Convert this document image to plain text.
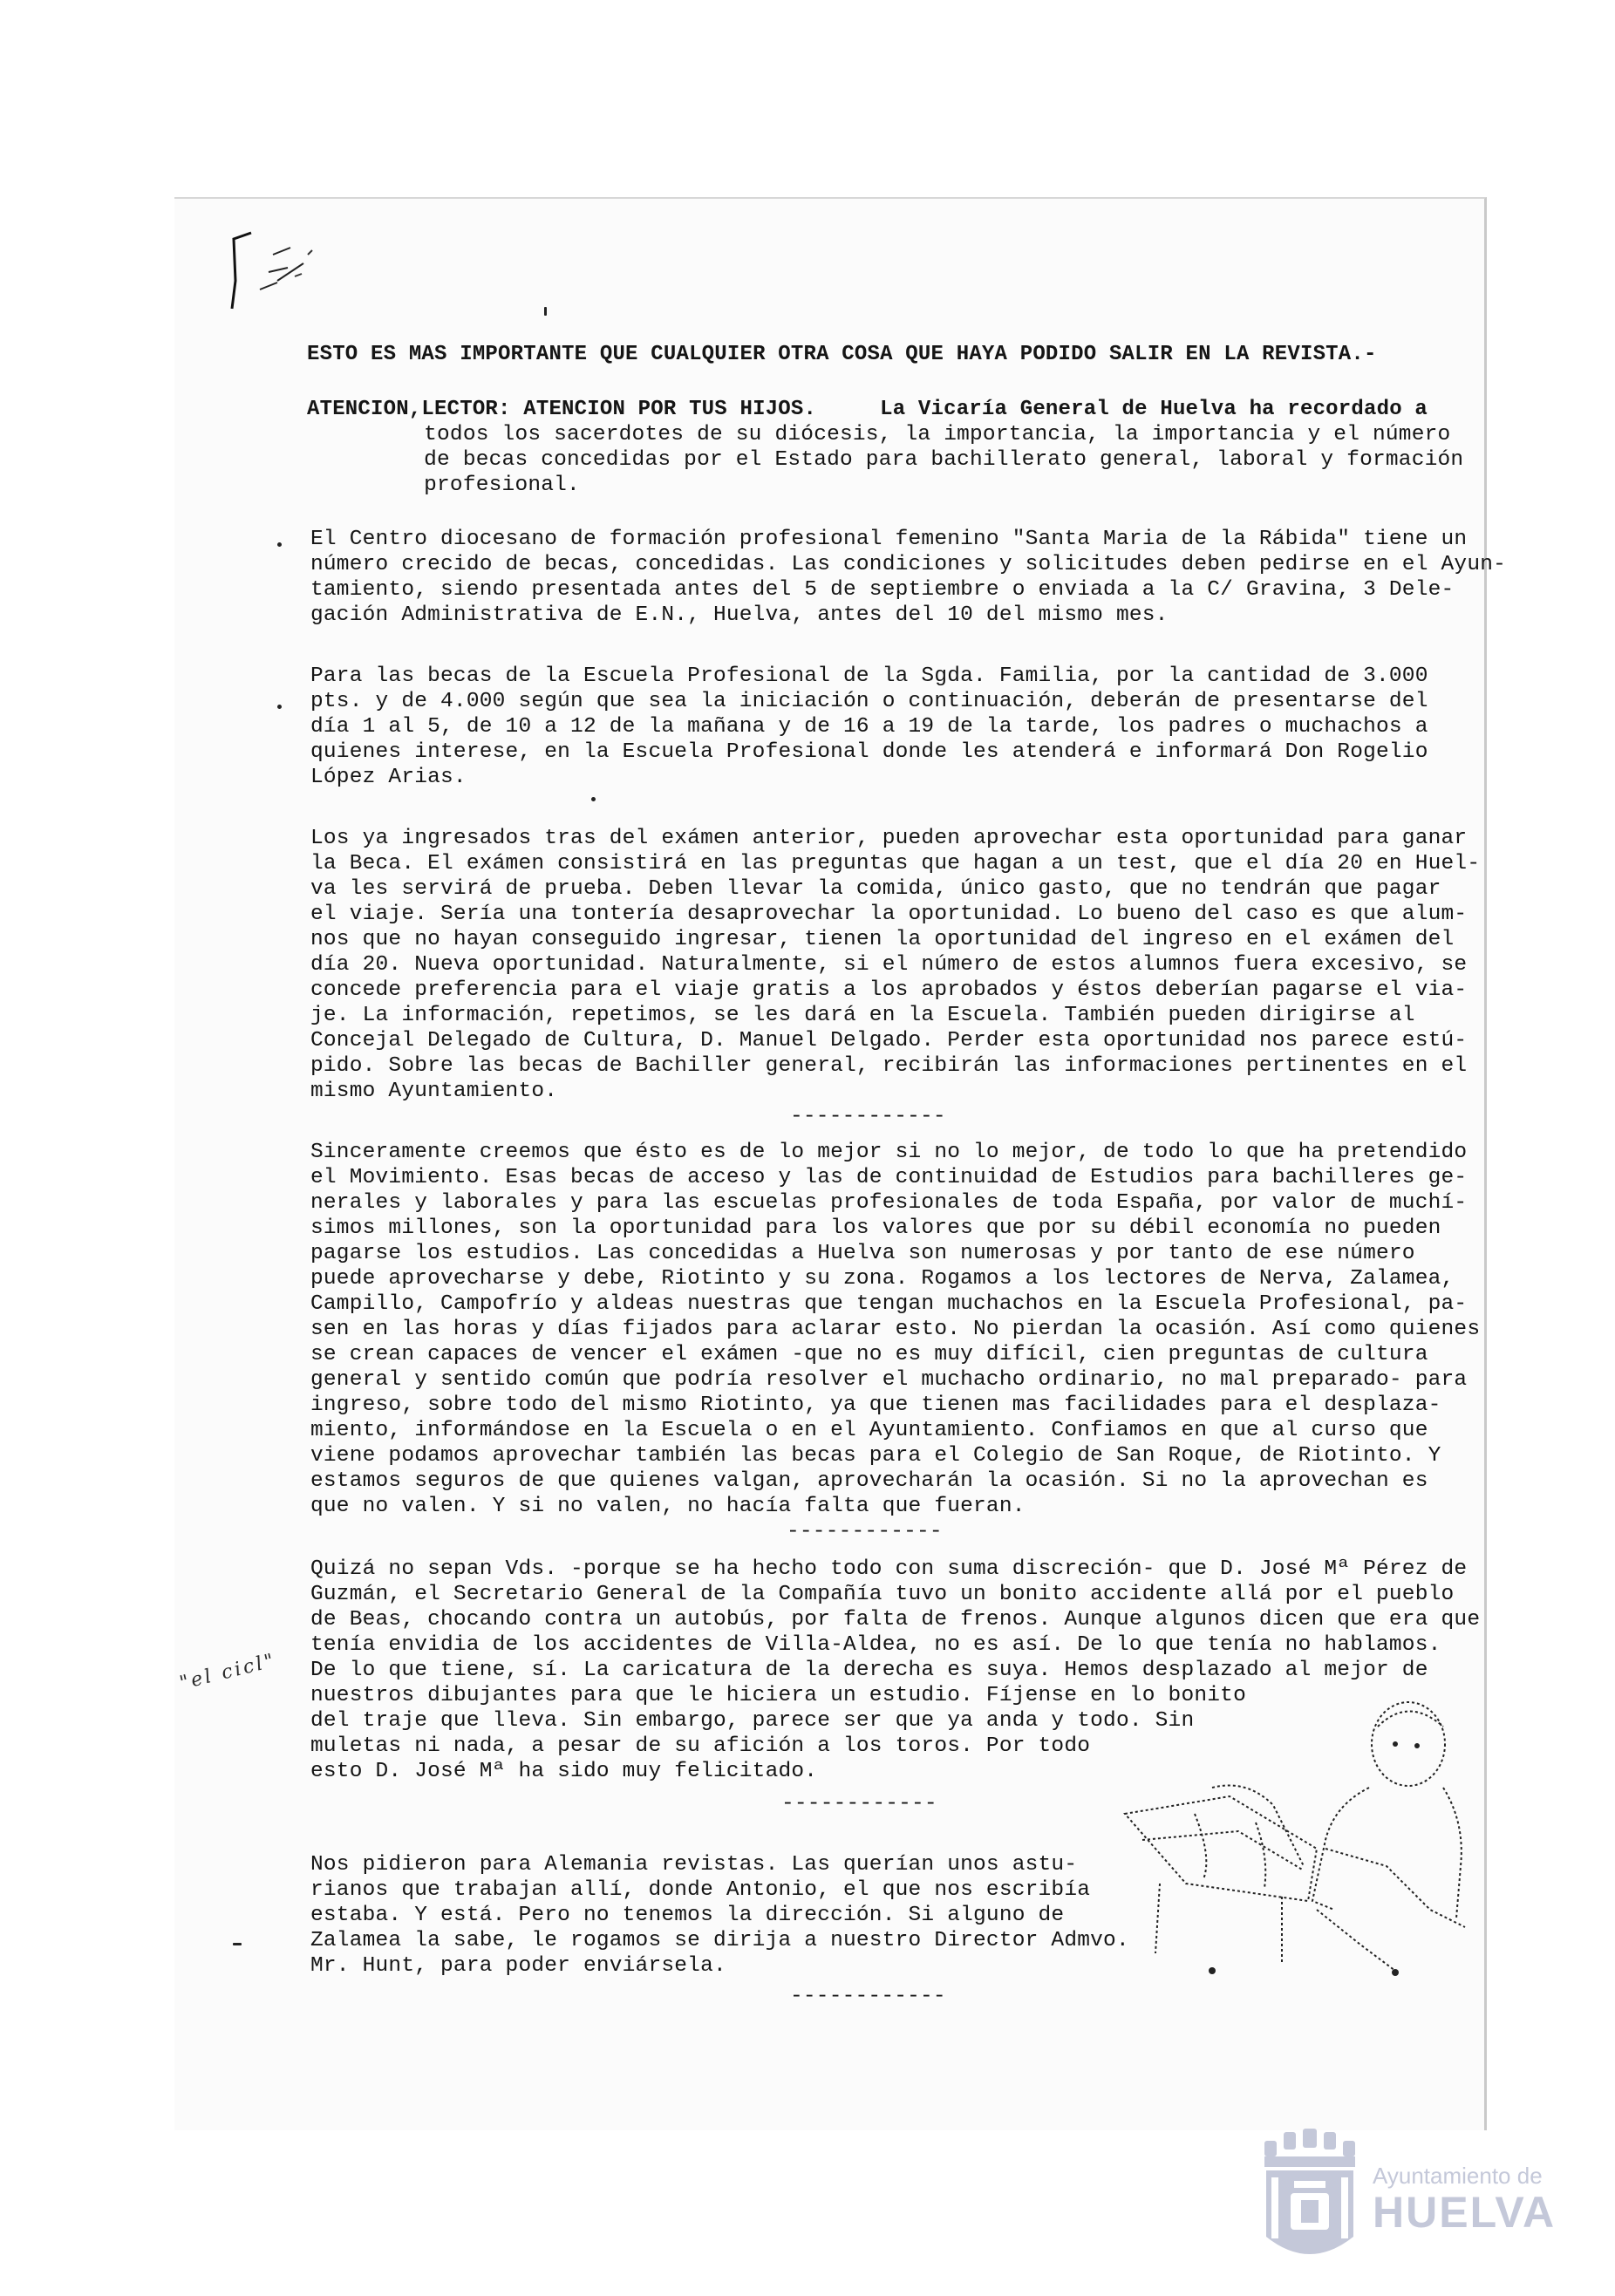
ESTO ES MAS IMPORTANTE QUE CUALQUIER OTRA COSA QUE HAYA PODIDO SALIR EN LA REVISTA.-
ATENCION,LECTOR: ATENCION POR TUS HIJOS.     La Vicaría General de Huelva ha recordado a
todos los sacerdotes de su diócesis, la importancia, la importancia y el número
de becas concedidas por el Estado para bachillerato general, laboral y formación
profesional.
El Centro diocesano de formación profesional femenino "Santa Maria de la Rábida" tiene un
número crecido de becas, concedidas. Las condiciones y solicitudes deben pedirse en el Ayun-
tamiento, siendo presentada antes del 5 de septiembre o enviada a la C/ Gravina, 3 Dele-
gación Administrativa de E.N., Huelva, antes del 10 del mismo mes.
Para las becas de la Escuela Profesional de la Sgda. Familia, por la cantidad de 3.000
pts. y de 4.000 según que sea la iniciación o continuación, deberán de presentarse del
día 1 al 5, de 10 a 12 de la mañana y de 16 a 19 de la tarde, los padres o muchachos a
quienes interese, en la Escuela Profesional donde les atenderá e informará Don Rogelio
López Arias.
Los ya ingresados tras del exámen anterior, pueden aprovechar esta oportunidad para ganar
la Beca. El exámen consistirá en las preguntas que hagan a un test, que el día 20 en Huel-
va les servirá de prueba. Deben llevar la comida, único gasto, que no tendrán que pagar
el viaje. Sería una tontería desaprovechar la oportunidad. Lo bueno del caso es que alum-
nos que no hayan conseguido ingresar, tienen la oportunidad del ingreso en el exámen del
día 20. Nueva oportunidad. Naturalmente, si el número de estos alumnos fuera excesivo, se
concede preferencia para el viaje gratis a los aprobados y éstos deberían pagarse el via-
je. La información, repetimos, se les dará en la Escuela. También pueden dirigirse al
Concejal Delegado de Cultura, D. Manuel Delgado. Perder esta oportunidad nos parece estú-
pido. Sobre las becas de Bachiller general, recibirán las informaciones pertinentes en el
mismo Ayuntamiento.
------------
Sinceramente creemos que ésto es de lo mejor si no lo mejor, de todo lo que ha pretendido
el Movimiento. Esas becas de acceso y las de continuidad de Estudios para bachilleres ge-
nerales y laborales y para las escuelas profesionales de toda España, por valor de muchí-
simos millones, son la oportunidad para los valores que por su débil economía no pueden
pagarse los estudios. Las concedidas a Huelva son numerosas y por tanto de ese número
puede aprovecharse y debe, Riotinto y su zona. Rogamos a los lectores de Nerva, Zalamea,
Campillo, Campofrío y aldeas nuestras que tengan muchachos en la Escuela Profesional, pa-
sen en las horas y días fijados para aclarar esto. No pierdan la ocasión. Así como quienes
se crean capaces de vencer el exámen -que no es muy difícil, cien preguntas de cultura
general y sentido común que podría resolver el muchacho ordinario, no mal preparado- para
ingreso, sobre todo del mismo Riotinto, ya que tienen mas facilidades para el desplaza-
miento, informándose en la Escuela o en el Ayuntamiento. Confiamos en que al curso que
viene podamos aprovechar también las becas para el Colegio de San Roque, de Riotinto. Y
estamos seguros de que quienes valgan, aprovecharán la ocasión. Si no la aprovechan es
que no valen. Y si no valen, no hacía falta que fueran.
------------
Quizá no sepan Vds. -porque se ha hecho todo con suma discreción- que D. José Mª Pérez de
Guzmán, el Secretario General de la Compañía tuvo un bonito accidente allá por el pueblo
de Beas, chocando contra un autobús, por falta de frenos. Aunque algunos dicen que era que
tenía envidia de los accidentes de Villa-Aldea, no es así. De lo que tenía no hablamos.
De lo que tiene, sí. La caricatura de la derecha es suya. Hemos desplazado al mejor de
nuestros dibujantes para que le hiciera un estudio. Fíjense en lo bonito
del traje que lleva. Sin embargo, parece ser que ya anda y todo. Sin
muletas ni nada, a pesar de su afición a los toros. Por todo
esto D. José Mª ha sido muy felicitado.
------------
Nos pidieron para Alemania revistas. Las querían unos astu-
rianos que trabajan allí, donde Antonio, el que nos escribía
estaba. Y está. Pero no tenemos la dirección. Si alguno de
Zalamea la sabe, le rogamos se dirija a nuestro Director Admvo.
Mr. Hunt, para poder enviársela.
------------
"el cicl"
Ayuntamiento de
HUELVA
